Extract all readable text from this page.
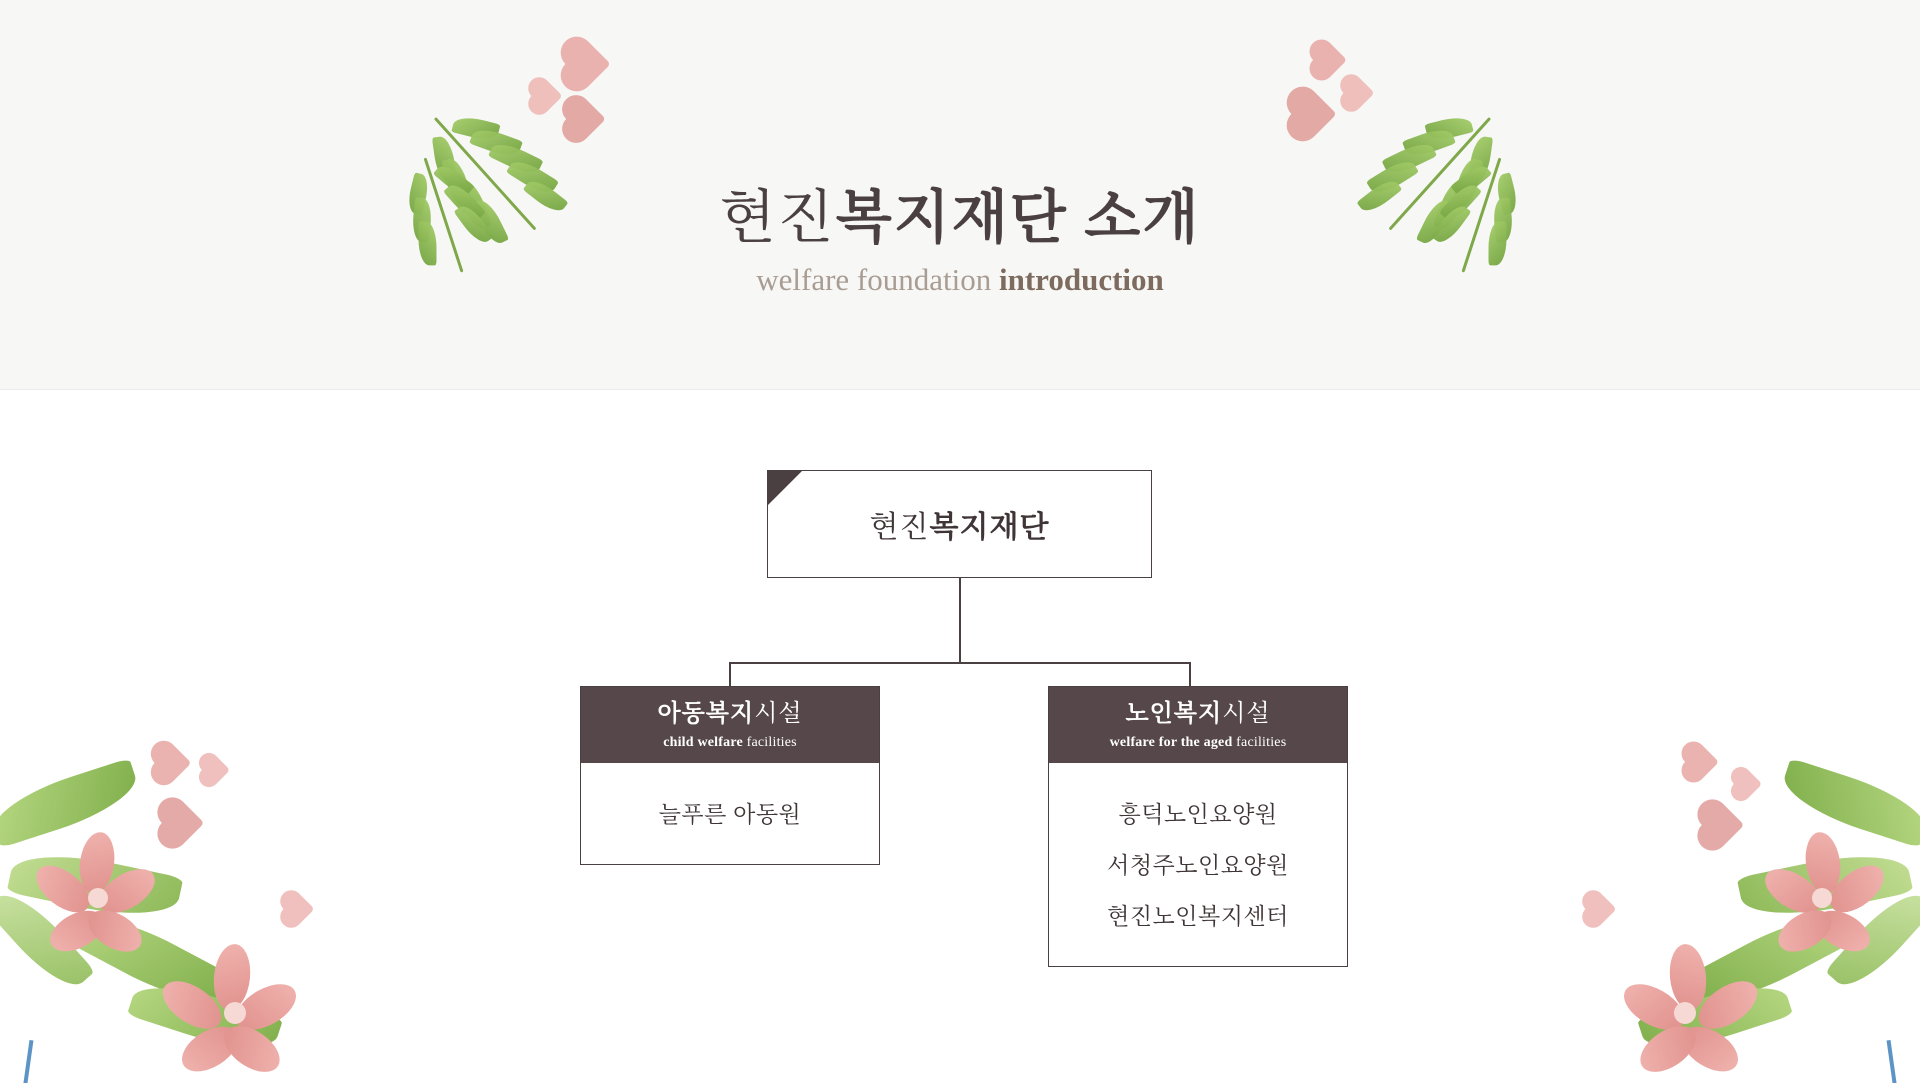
현진복지재단 소개
welfare foundation introduction
현진복지재단
아동복지시설
child welfare facilities
늘푸른 아동원
노인복지시설
welfare for the aged facilities
흥덕노인요양원
서청주노인요양원
현진노인복지센터
